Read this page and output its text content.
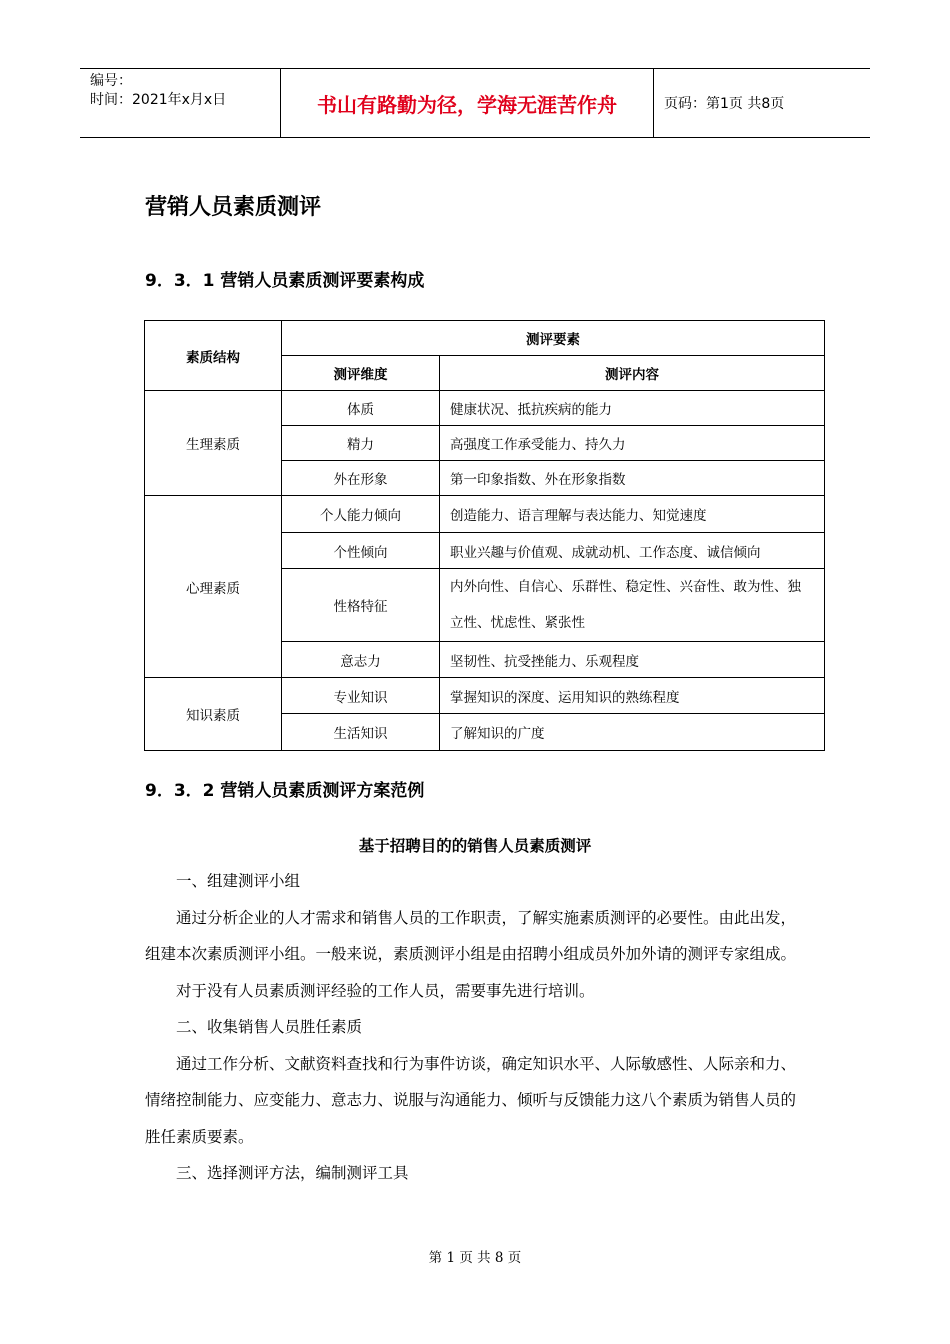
编号：
时间：2021年x月x日	书山有路勤为径，学海无涯苦作舟	页码：第1页 共8页
营销人员素质测评
9．3．1 营销人员素质测评要素构成
素质结构	测评要素	
	测评维度	测评内容
生理素质	体质	健康状况、抵抗疾病的能力
	精力	高强度工作承受能力、持久力
	外在形象	第一印象指数、外在形象指数
心理素质	个人能力倾向	创造能力、语言理解与表达能力、知觉速度
	个性倾向	职业兴趣与价值观、成就动机、工作态度、诚信倾向
	性格特征	内外向性、自信心、乐群性、稳定性、兴奋性、敢为性、独立性、忧虑性、紧张性
	意志力	坚韧性、抗受挫能力、乐观程度
知识素质	专业知识	掌握知识的深度、运用知识的熟练程度
	生活知识	了解知识的广度
9．3．2 营销人员素质测评方案范例
基于招聘目的的销售人员素质测评

一、组建测评小组

通过分析企业的人才需求和销售人员的工作职责，了解实施素质测评的必要性。由此出发，组建本次素质测评小组。一般来说，素质测评小组是由招聘小组成员外加外请的测评专家组成。

对于没有人员素质测评经验的工作人员，需要事先进行培训。

二、收集销售人员胜任素质

通过工作分析、文献资料查找和行为事件访谈，确定知识水平、人际敏感性、人际亲和力、情绪控制能力、应变能力、意志力、说服与沟通能力、倾听与反馈能力这八个素质为销售人员的胜任素质要素。

三、选择测评方法，编制测评工具

第 1 页 共 8 页
